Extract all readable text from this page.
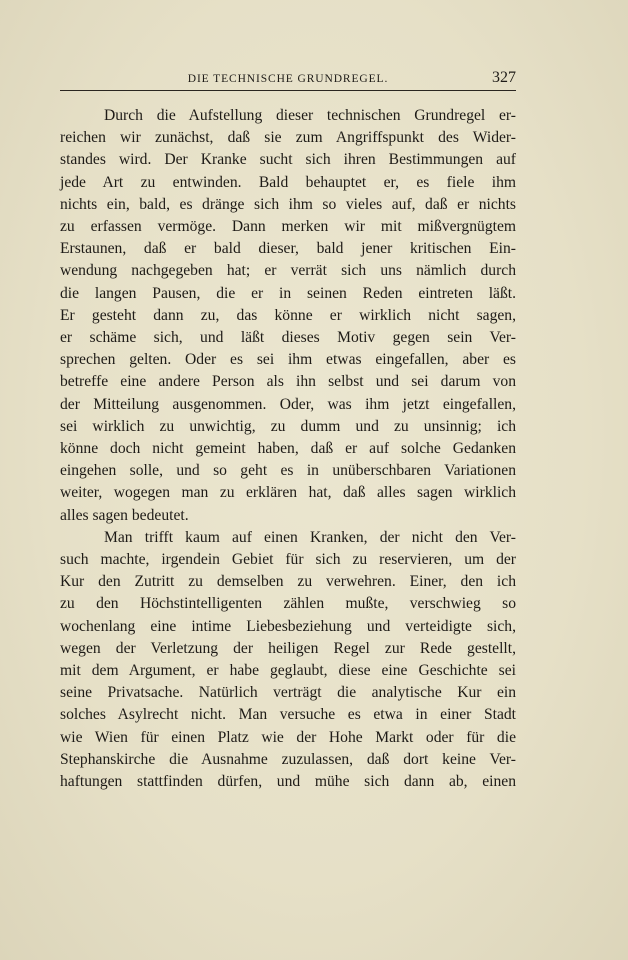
DIE TECHNISCHE GRUNDREGEL.	327
Durch die Aufstellung dieser technischen Grundregel er-
reichen wir zunächst, daß sie zum Angriffspunkt des Wider-
standes wird. Der Kranke sucht sich ihren Bestimmungen auf
jede Art zu entwinden. Bald behauptet er, es fiele ihm
nichts ein, bald, es dränge sich ihm so vieles auf, daß er nichts
zu erfassen vermöge. Dann merken wir mit mißvergnügtem
Erstaunen, daß er bald dieser, bald jener kritischen Ein-
wendung nachgegeben hat; er verrät sich uns nämlich durch
die langen Pausen, die er in seinen Reden eintreten läßt.
Er gesteht dann zu, das könne er wirklich nicht sagen,
er schäme sich, und läßt dieses Motiv gegen sein Ver-
sprechen gelten. Oder es sei ihm etwas eingefallen, aber es
betreffe eine andere Person als ihn selbst und sei darum von
der Mitteilung ausgenommen. Oder, was ihm jetzt eingefallen,
sei wirklich zu unwichtig, zu dumm und zu unsinnig; ich
könne doch nicht gemeint haben, daß er auf solche Gedanken
eingehen solle, und so geht es in unüberschbaren Variationen
weiter, wogegen man zu erklären hat, daß alles sagen wirklich
alles sagen bedeutet.
Man trifft kaum auf einen Kranken, der nicht den Ver-
such machte, irgendein Gebiet für sich zu reservieren, um der
Kur den Zutritt zu demselben zu verwehren. Einer, den ich
zu den Höchstintelligenten zählen mußte, verschwieg so
wochenlang eine intime Liebesbeziehung und verteidigte sich,
wegen der Verletzung der heiligen Regel zur Rede gestellt,
mit dem Argument, er habe geglaubt, diese eine Geschichte sei
seine Privatsache. Natürlich verträgt die analytische Kur ein
solches Asylrecht nicht. Man versuche es etwa in einer Stadt
wie Wien für einen Platz wie der Hohe Markt oder für die
Stephanskirche die Ausnahme zuzulassen, daß dort keine Ver-
haftungen stattfinden dürfen, und mühe sich dann ab, einen
